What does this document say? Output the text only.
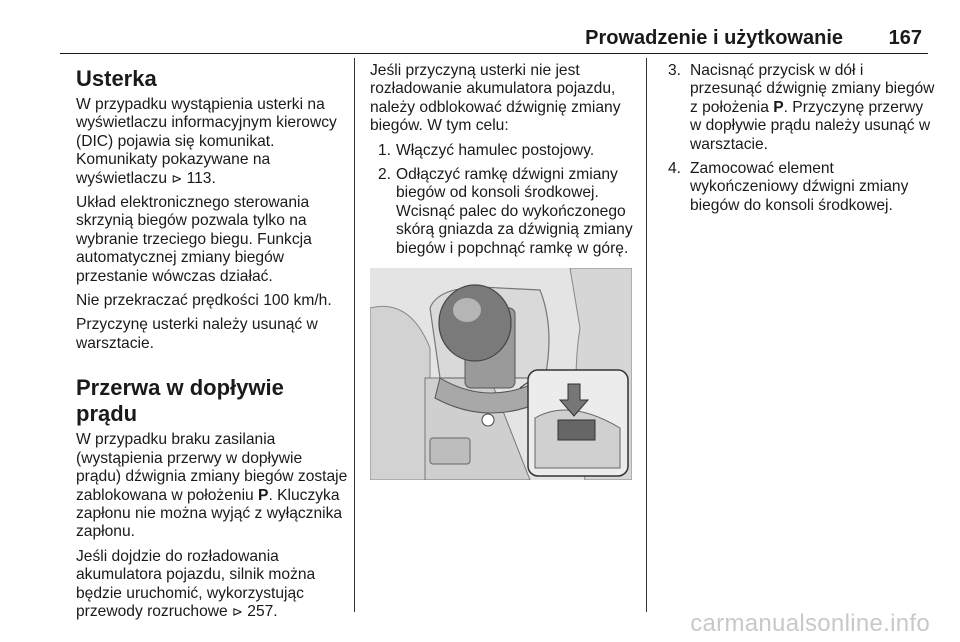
Prowadzenie i użytkowanie 167
Usterka

W przypadku wystąpienia usterki na wyświetlaczu informacyjnym kierowcy (DIC) pojawia się komunikat. Komunikaty pokazywane na wyświetlaczu ⊳ 113.

Układ elektronicznego sterowania skrzynią biegów pozwala tylko na wybranie trzeciego biegu. Funkcja automatycznej zmiany biegów przestanie wówczas działać.

Nie przekraczać prędkości 100 km/h.

Przyczynę usterki należy usunąć w warsztacie.

Przerwa w dopływie prądu

W przypadku braku zasilania (wystąpienia przerwy w dopływie prądu) dźwignia zmiany biegów zostaje zablokowana w położeniu P. Kluczyka zapłonu nie można wyjąć z wyłącznika zapłonu.

Jeśli dojdzie do rozładowania akumulatora pojazdu, silnik można będzie uruchomić, wykorzystując przewody rozruchowe ⊳ 257.

Jeśli przyczyną usterki nie jest rozładowanie akumulatora pojazdu, należy odblokować dźwignię zmiany biegów. W tym celu:

1. Włączyć hamulec postojowy.
2. Odłączyć ramkę dźwigni zmiany biegów od konsoli środkowej. Wcisnąć palec do wykończonego skórą gniazda za dźwignią zmiany biegów i popchnąć ramkę w górę.
3. Nacisnąć przycisk w dół i przesunąć dźwignię zmiany biegów z położenia P. Przyczynę przerwy w dopływie prądu należy usunąć w warsztacie.
4. Zamocować element wykończeniowy dźwigni zmiany biegów do konsoli środkowej.
carmanualsonline.info
